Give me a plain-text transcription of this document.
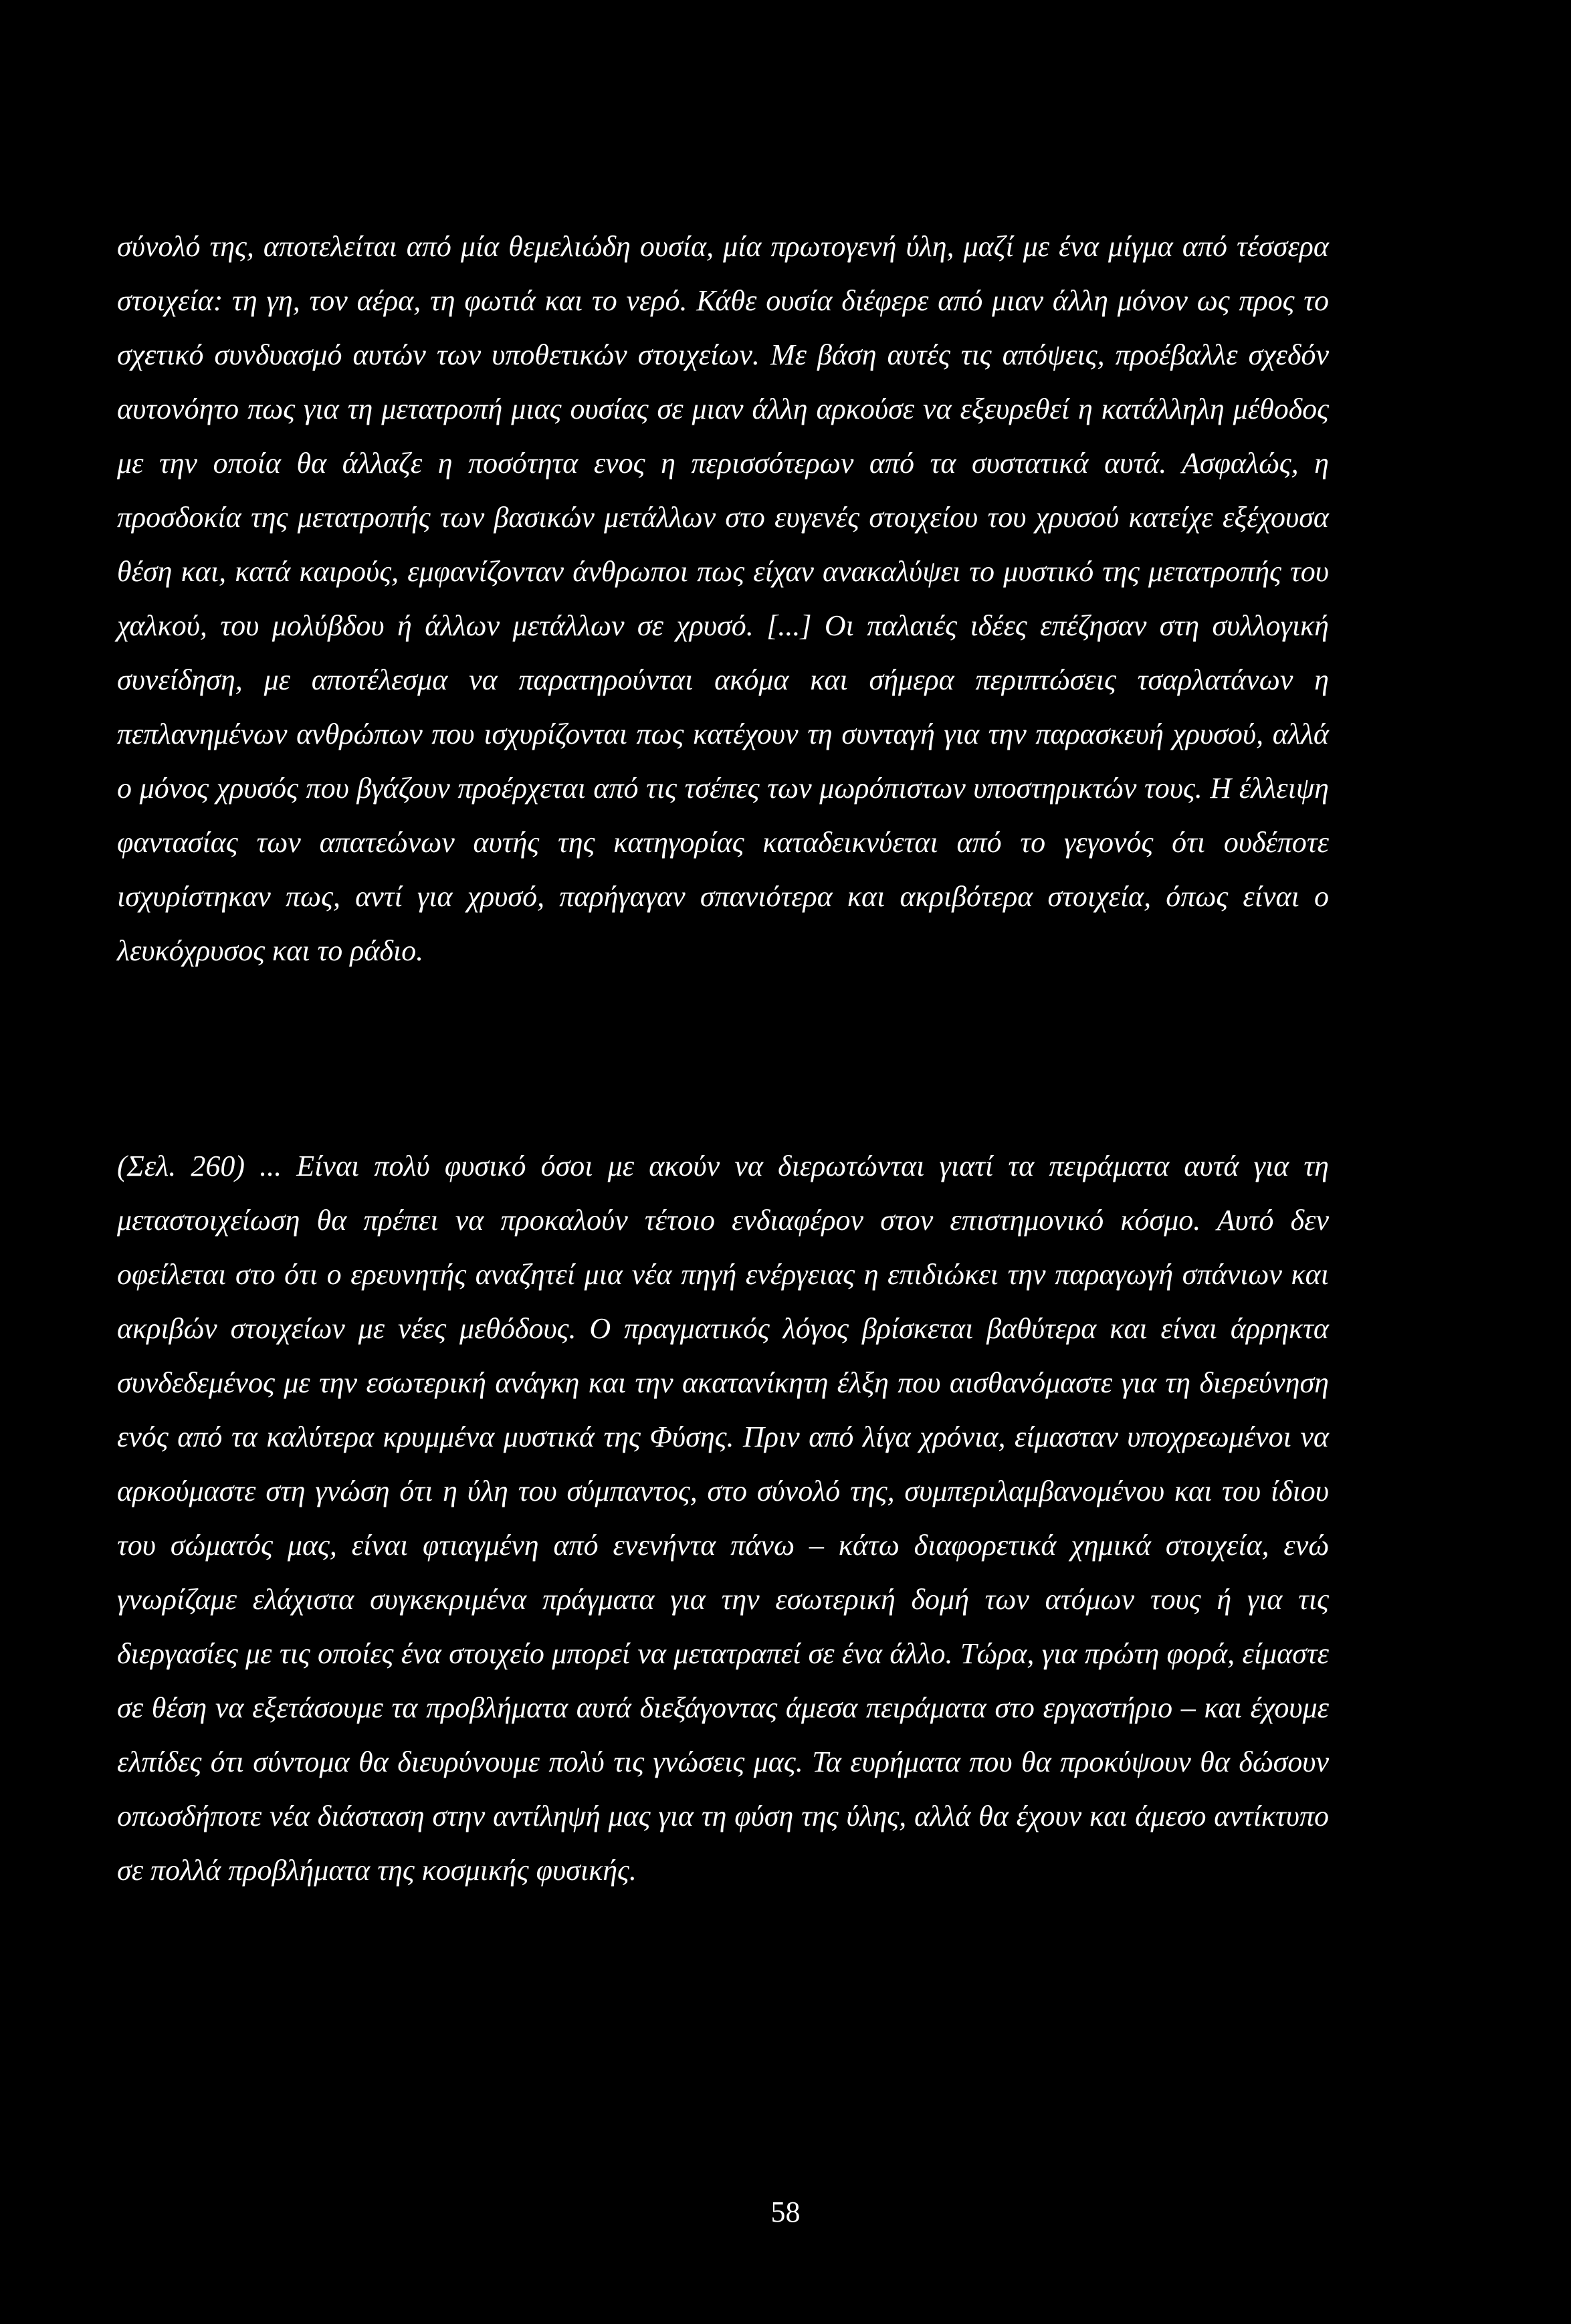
σύνολό της, αποτελείται από μία θεμελιώδη ουσία, μία πρωτογενή ύλη, μαζί με ένα μίγμα από τέσσερα στοιχεία: τη γη, τον αέρα, τη φωτιά και το νερό. Κάθε ουσία διέφερε από μιαν άλλη μόνον ως προς το σχετικό συνδυασμό αυτών των υποθετικών στοιχείων. Με βάση αυτές τις απόψεις, προέβαλλε σχεδόν αυτονόητο πως για τη μετατροπή μιας ουσίας σε μιαν άλλη αρκούσε να εξευρεθεί η κατάλληλη μέθοδος με την οποία θα άλλαζε η ποσότητα ενος η περισσότερων από τα συστατικά αυτά. Ασφαλώς, η προσδοκία της μετατροπής των βασικών μετάλλων στο ευγενές στοιχείου του χρυσού κατείχε εξέχουσα θέση και, κατά καιρούς, εμφανίζονταν άνθρωποι πως είχαν ανακαλύψει το μυστικό της μετατροπής του χαλκού, του μολύβδου ή άλλων μετάλλων σε χρυσό. [...] Οι παλαιές ιδέες επέζησαν στη συλλογική συνείδηση, με αποτέλεσμα να παρατηρούνται ακόμα και σήμερα περιπτώσεις τσαρλατάνων η πεπλανημένων ανθρώπων που ισχυρίζονται πως κατέχουν τη συνταγή για την παρασκευή χρυσού, αλλά ο μόνος χρυσός που βγάζουν προέρχεται από τις τσέπες των μωρόπιστων υποστηρικτών τους. Η έλλειψη φαντασίας των απατεώνων αυτής της κατηγορίας καταδεικνύεται από το γεγονός ότι ουδέποτε ισχυρίστηκαν πως, αντί για χρυσό, παρήγαγαν σπανιότερα και ακριβότερα στοιχεία, όπως είναι ο λευκόχρυσος και το ράδιο.

(Σελ. 260) ... Είναι πολύ φυσικό όσοι με ακούν να διερωτώνται γιατί τα πειράματα αυτά για τη μεταστοιχείωση θα πρέπει να προκαλούν τέτοιο ενδιαφέρον στον επιστημονικό κόσμο. Αυτό δεν οφείλεται στο ότι ο ερευνητής αναζητεί μια νέα πηγή ενέργειας η επιδιώκει την παραγωγή σπάνιων και ακριβών στοιχείων με νέες μεθόδους. Ο πραγματικός λόγος βρίσκεται βαθύτερα και είναι άρρηκτα συνδεδεμένος με την εσωτερική ανάγκη και την ακατανίκητη έλξη που αισθανόμαστε για τη διερεύνηση ενός από τα καλύτερα κρυμμένα μυστικά της Φύσης. Πριν από λίγα χρόνια, είμασταν υποχρεωμένοι να αρκούμαστε στη γνώση ότι η ύλη του σύμπαντος, στο σύνολό της, συμπεριλαμβανομένου και του ίδιου του σώματός μας, είναι φτιαγμένη από ενενήντα πάνω – κάτω διαφορετικά χημικά στοιχεία, ενώ γνωρίζαμε ελάχιστα συγκεκριμένα πράγματα για την εσωτερική δομή των ατόμων τους ή για τις διεργασίες με τις οποίες ένα στοιχείο μπορεί να μετατραπεί σε ένα άλλο. Τώρα, για πρώτη φορά, είμαστε σε θέση να εξετάσουμε τα προβλήματα αυτά διεξάγοντας άμεσα πειράματα στο εργαστήριο – και έχουμε ελπίδες ότι σύντομα θα διευρύνουμε πολύ τις γνώσεις μας. Τα ευρήματα που θα προκύψουν θα δώσουν οπωσδήποτε νέα διάσταση στην αντίληψή μας για τη φύση της ύλης, αλλά θα έχουν και άμεσο αντίκτυπο σε πολλά προβλήματα της κοσμικής φυσικής.

58
